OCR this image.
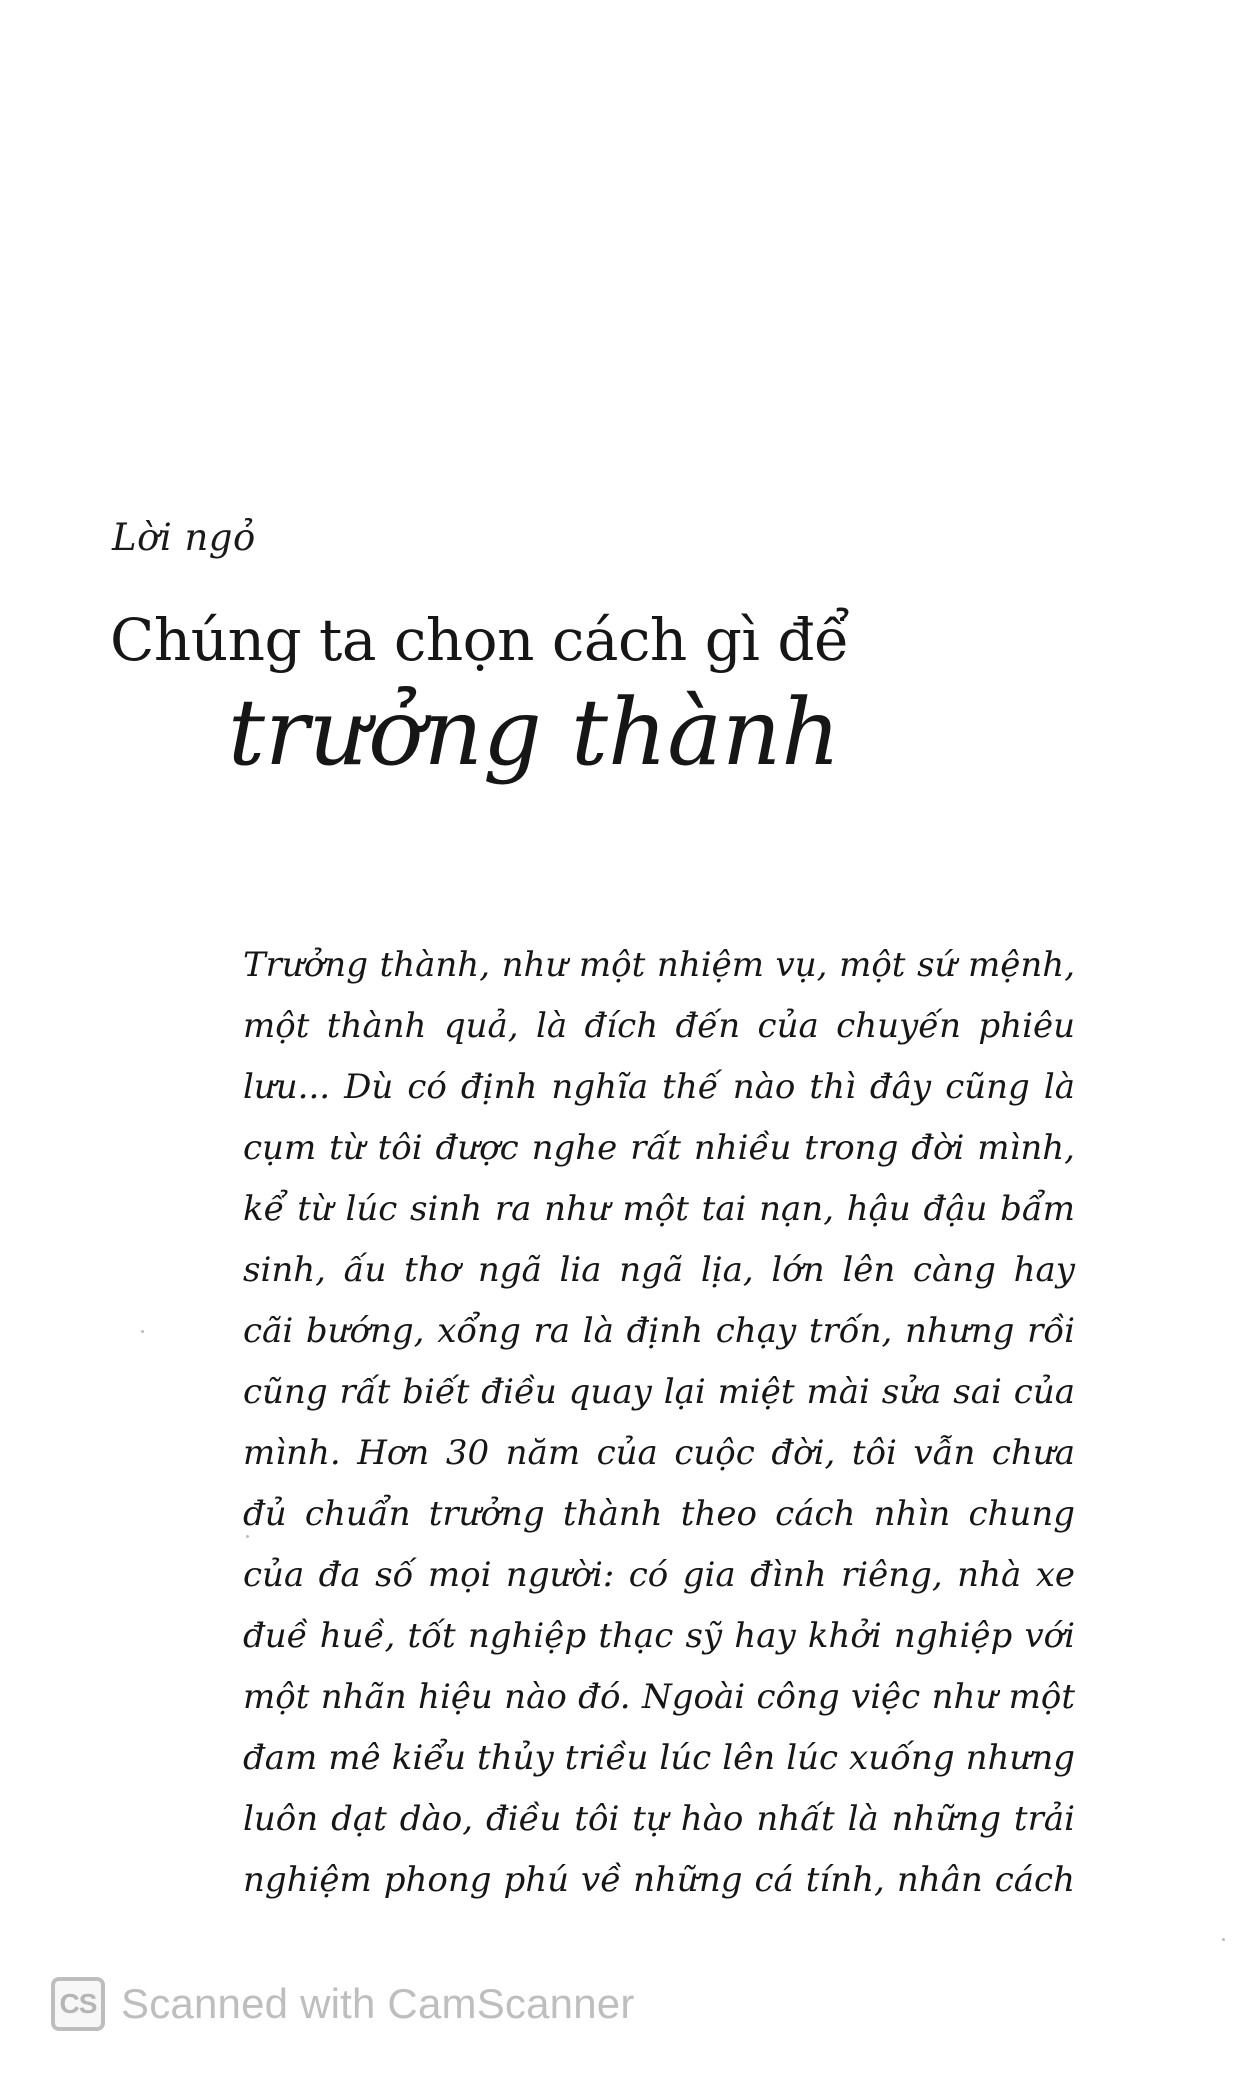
Lời ngỏ
Chúng ta chọn cách gì để
trưởng thành
Trưởng thành, như một nhiệm vụ, một sứ mệnh,
một thành quả, là đích đến của chuyến phiêu
lưu... Dù có định nghĩa thế nào thì đây cũng là
cụm từ tôi được nghe rất nhiều trong đời mình,
kể từ lúc sinh ra như một tai nạn, hậu đậu bẩm
sinh, ấu thơ ngã lia ngã lịa, lớn lên càng hay
cãi bướng, xổng ra là định chạy trốn, nhưng rồi
cũng rất biết điều quay lại miệt mài sửa sai của
mình. Hơn 30 năm của cuộc đời, tôi vẫn chưa
đủ chuẩn trưởng thành theo cách nhìn chung
của đa số mọi người: có gia đình riêng, nhà xe
đuề huề, tốt nghiệp thạc sỹ hay khởi nghiệp với
một nhãn hiệu nào đó. Ngoài công việc như một
đam mê kiểu thủy triều lúc lên lúc xuống nhưng
luôn dạt dào, điều tôi tự hào nhất là những trải
nghiệm phong phú về những cá tính, nhân cách
CS Scanned with CamScanner
